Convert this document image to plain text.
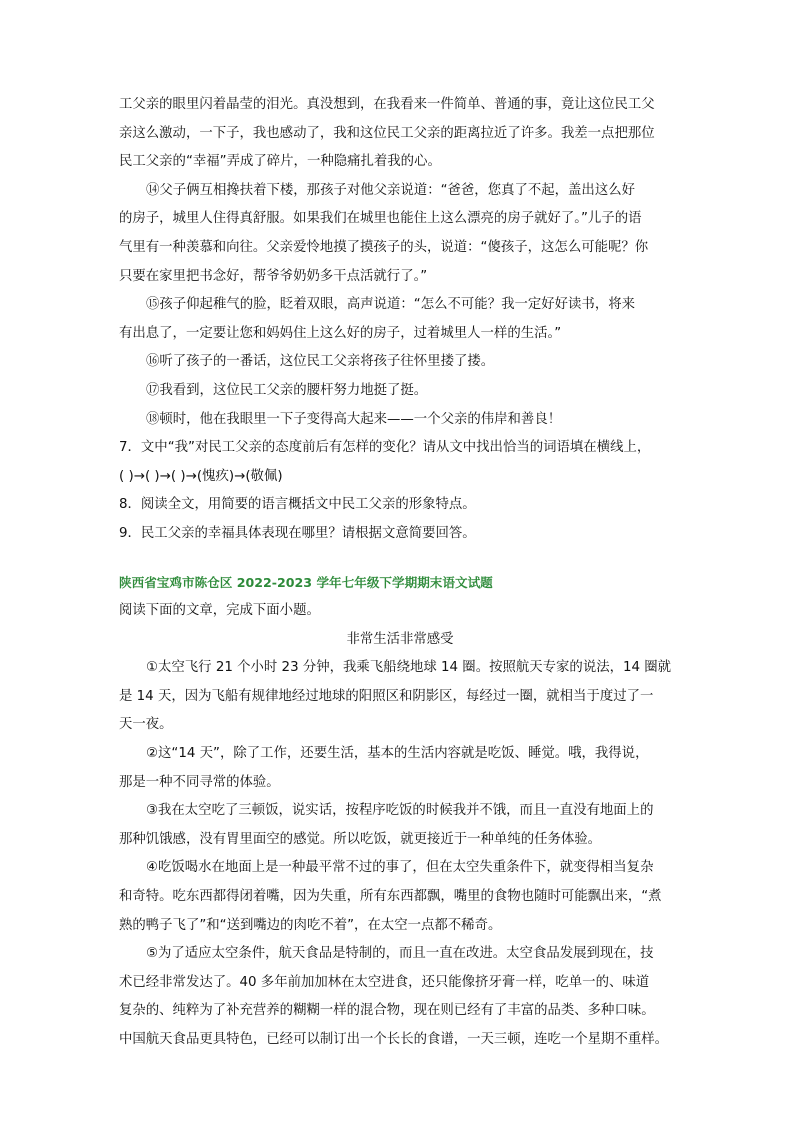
工父亲的眼里闪着晶莹的泪光。真没想到，在我看来一件简单、普通的事，竟让这位民工父
亲这么激动，一下子，我也感动了，我和这位民工父亲的距离拉近了许多。我差一点把那位
民工父亲的“幸福”弄成了碎片，一种隐痛扎着我的心。
⑭父子俩互相搀扶着下楼，那孩子对他父亲说道：“爸爸，您真了不起，盖出这么好
的房子，城里人住得真舒服。如果我们在城里也能住上这么漂亮的房子就好了。”儿子的语
气里有一种羡慕和向往。父亲爱怜地摸了摸孩子的头，说道：“傻孩子，这怎么可能呢？你
只要在家里把书念好，帮爷爷奶奶多干点活就行了。”
⑮孩子仰起稚气的脸，眨着双眼，高声说道：“怎么不可能？我一定好好读书，将来
有出息了，一定要让您和妈妈住上这么好的房子，过着城里人一样的生活。”
⑯听了孩子的一番话，这位民工父亲将孩子往怀里搂了搂。
⑰我看到，这位民工父亲的腰杆努力地挺了挺。
⑱顿时，他在我眼里一下子变得高大起来——一个父亲的伟岸和善良！
7．文中“我”对民工父亲的态度前后有怎样的变化？请从文中找出恰当的词语填在横线上，
( )→( )→( )→(愧疚)→(敬佩)
8．阅读全文，用简要的语言概括文中民工父亲的形象特点。
9．民工父亲的幸福具体表现在哪里？请根据文意简要回答。
陕西省宝鸡市陈仓区 2022-2023 学年七年级下学期期末语文试题
阅读下面的文章，完成下面小题。
非常生活非常感受
①太空飞行 21 个小时 23 分钟，我乘飞船绕地球 14 圈。按照航天专家的说法，14 圈就
是 14 天，因为飞船有规律地经过地球的阳照区和阴影区，每经过一圈，就相当于度过了一
天一夜。
②这“14 天”，除了工作，还要生活，基本的生活内容就是吃饭、睡觉。哦，我得说，
那是一种不同寻常的体验。
③我在太空吃了三顿饭，说实话，按程序吃饭的时候我并不饿，而且一直没有地面上的
那种饥饿感，没有胃里面空的感觉。所以吃饭，就更接近于一种单纯的任务体验。
④吃饭喝水在地面上是一种最平常不过的事了，但在太空失重条件下，就变得相当复杂
和奇特。吃东西都得闭着嘴，因为失重，所有东西都飘，嘴里的食物也随时可能飘出来，“煮
熟的鸭子飞了”和“送到嘴边的肉吃不着”，在太空一点都不稀奇。
⑤为了适应太空条件，航天食品是特制的，而且一直在改进。太空食品发展到现在，技
术已经非常发达了。40 多年前加加林在太空进食，还只能像挤牙膏一样，吃单一的、味道
复杂的、纯粹为了补充营养的糊糊一样的混合物，现在则已经有了丰富的品类、多种口味。
中国航天食品更具特色，已经可以制订出一个长长的食谱，一天三顿，连吃一个星期不重样。
